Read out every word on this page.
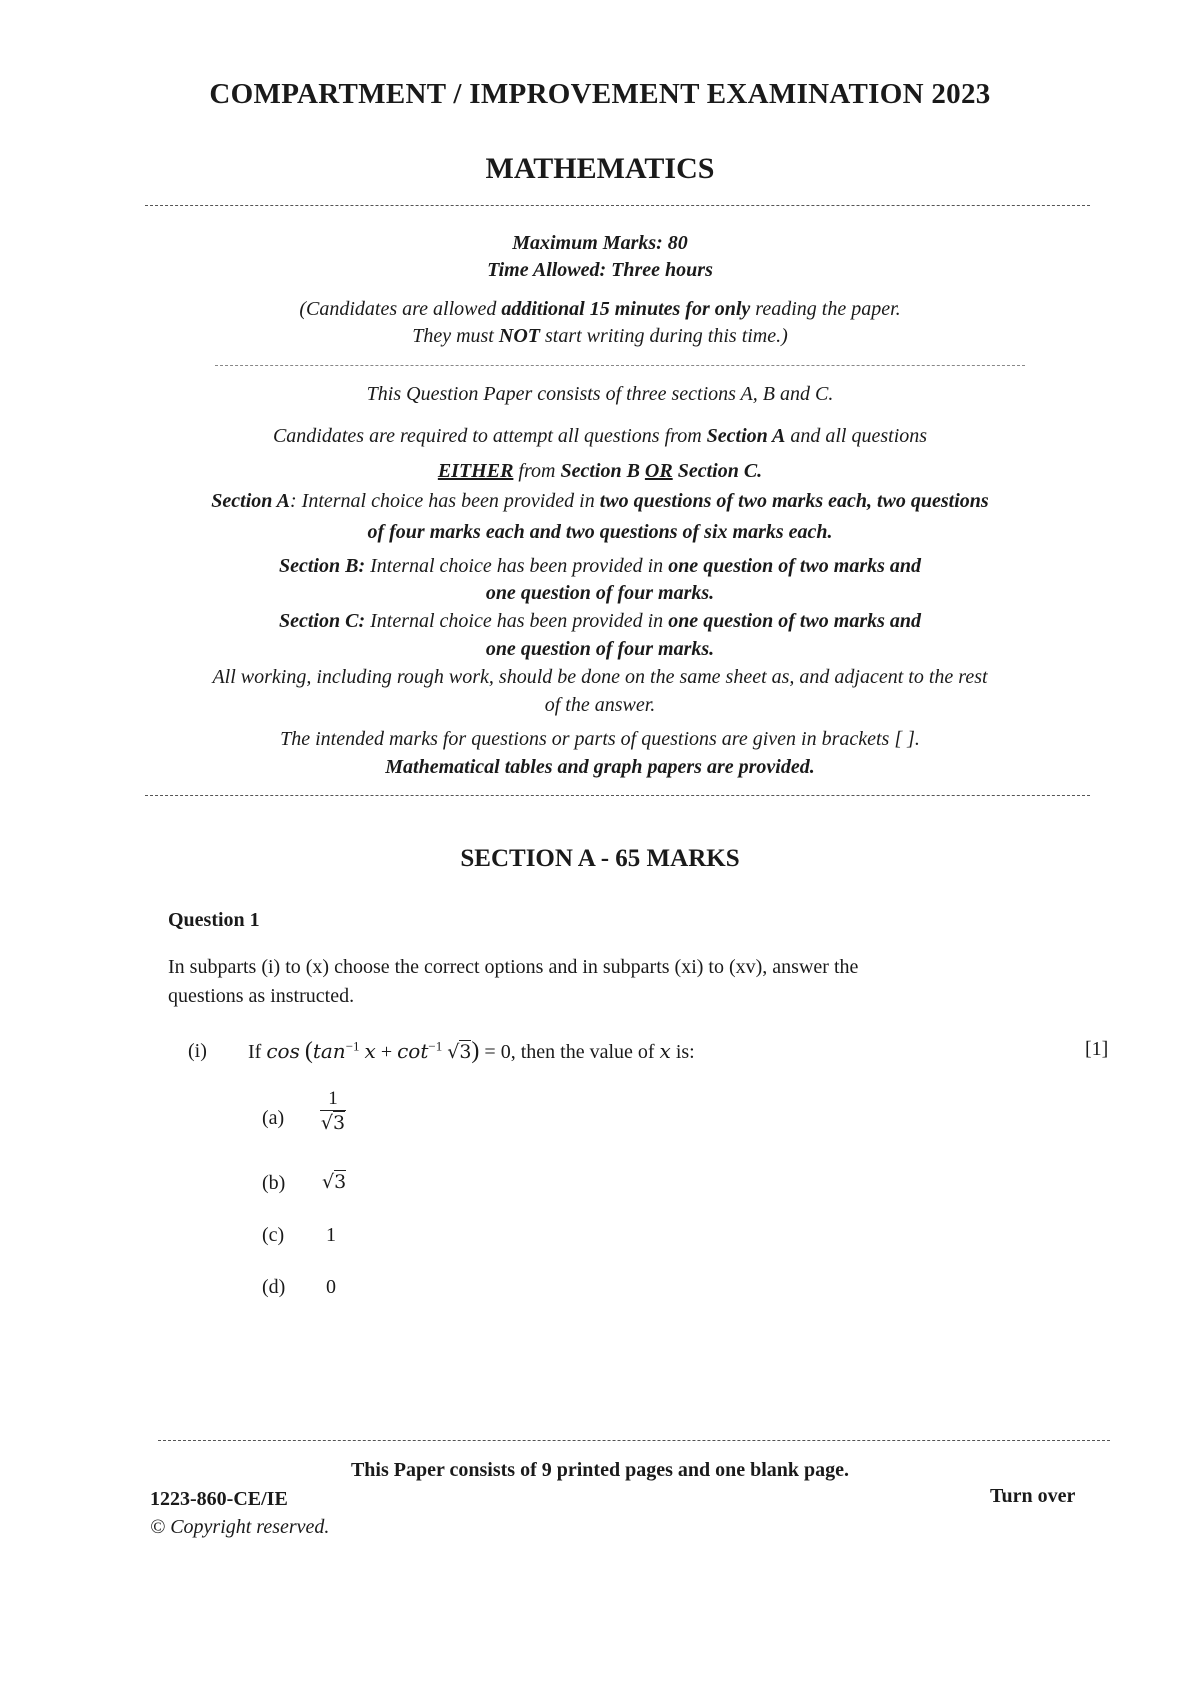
COMPARTMENT / IMPROVEMENT EXAMINATION 2023
MATHEMATICS
Maximum Marks: 80
Time Allowed: Three hours
(Candidates are allowed additional 15 minutes for only reading the paper.
They must NOT start writing during this time.)
This Question Paper consists of three sections A, B and C.
Candidates are required to attempt all questions from Section A and all questions
EITHER from Section B OR Section C.
Section A: Internal choice has been provided in two questions of two marks each, two questions
of four marks each and two questions of six marks each.
Section B: Internal choice has been provided in one question of two marks and
one question of four marks.
Section C: Internal choice has been provided in one question of two marks and
one question of four marks.
All working, including rough work, should be done on the same sheet as, and adjacent to the rest
of the answer.
The intended marks for questions or parts of questions are given in brackets [ ].
Mathematical tables and graph papers are provided.
SECTION A - 65 MARKS
Question 1
In subparts (i) to (x) choose the correct options and in subparts (xi) to (xv), answer the
questions as instructed.
(i) If $\cos (\tan^{-1}$ $x + \cot^{-1} √3) = 0$, then the value of x is:	[1]
$(a) \frac{1}{√3}$
(b) √3
(c) 1
(d) 0
This Paper consists of 9 printed pages and one blank page.
1223-860-CE/IE	Turn over
© Copyright reserved.
